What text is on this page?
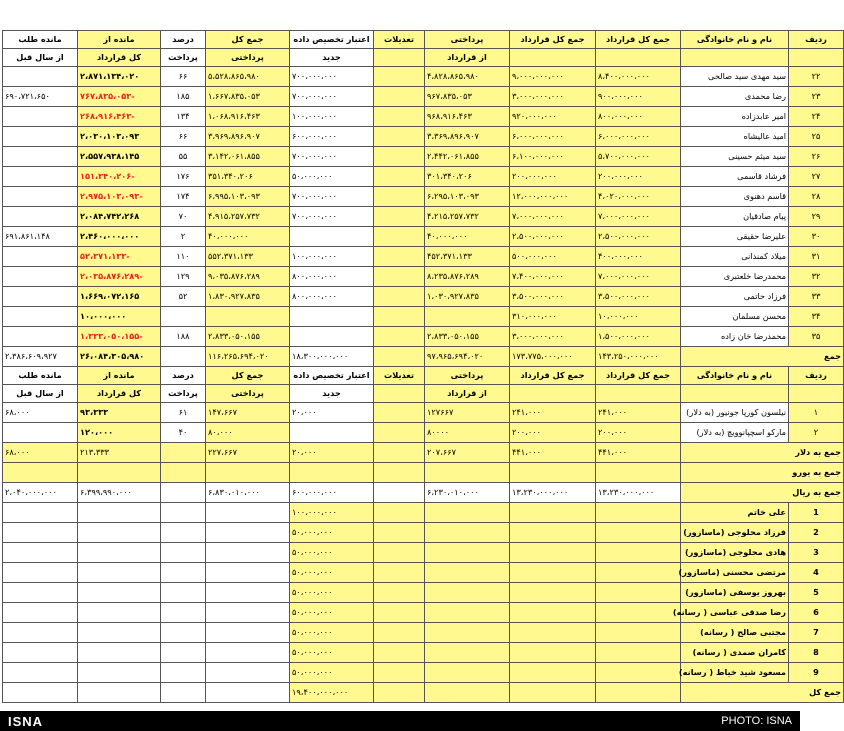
ردیف	نام و نام خانوادگی	جمع کل قرارداد	جمع کل قرارداد	پرداختی	تعدیلات	اعتبار تخصیص داده	جمع کل	درصد	مانده از	مانده طلب
				از قرارداد		جدید	پرداختی	پرداخت	کل قرارداد	از سال قبل
۲۲	سید مهدی سید صالحی	۸،۴۰۰،۰۰۰،۰۰۰	۹،۰۰۰،۰۰۰،۰۰۰	۴،۸۲۸،۸۶۵،۹۸۰		۷۰۰،۰۰۰،۰۰۰	۵،۵۲۸،۸۶۵،۹۸۰	۶۶	۲،۸۷۱،۱۳۴،۰۲۰	
۲۳	رضا محمدی	۹۰۰،۰۰۰،۰۰۰	۳،۰۰۰،۰۰۰،۰۰۰	۹۶۷،۸۳۵،۰۵۳		۷۰۰،۰۰۰،۰۰۰	۱،۶۶۷،۸۳۵،۰۵۳	۱۸۵	-۷۶۷،۸۳۵،۰۵۳	۶۹۰،۷۲۱،۶۵۰
۲۴	امیر عابدزاده	۸۰۰،۰۰۰،۰۰۰	۹۲۰،۰۰۰،۰۰۰	۹۶۸،۹۱۶،۴۶۳		۱۰۰،۰۰۰،۰۰۰	۱،۰۶۸،۹۱۶،۴۶۳	۱۳۴	-۲۶۸،۹۱۶،۴۶۳	
۲۵	امید عالیشاه	۶،۰۰۰،۰۰۰،۰۰۰	۶،۰۰۰،۰۰۰،۰۰۰	۳،۳۶۹،۸۹۶،۹۰۷		۶۰۰،۰۰۰،۰۰۰	۳،۹۶۹،۸۹۶،۹۰۷	۶۶	۲،۰۳۰،۱۰۳،۰۹۳	
۲۶	سید میثم حسینی	۵،۷۰۰،۰۰۰،۰۰۰	۶،۱۰۰،۰۰۰،۰۰۰	۲،۴۴۲،۰۶۱،۸۵۵		۷۰۰،۰۰۰،۰۰۰	۳،۱۴۲،۰۶۱،۸۵۵	۵۵	۲،۵۵۷،۹۳۸،۱۴۵	
۲۷	فرشاد قاسمی	۲۰۰،۰۰۰،۰۰۰	۲۰۰،۰۰۰،۰۰۰	۳۰۱،۳۴۰،۲۰۶		۵۰،۰۰۰،۰۰۰	۳۵۱،۳۴۰،۲۰۶	۱۷۶	-۱۵۱،۳۴۰،۲۰۶	
۲۸	قاسم دهنوی	۴،۰۲۰،۰۰۰،۰۰۰	۱۲،۰۰۰،۰۰۰،۰۰۰	۶،۲۹۵،۱۰۳،۰۹۳		۷۰۰،۰۰۰،۰۰۰	۶،۹۹۵،۱۰۳،۰۹۳	۱۷۴	-۲،۹۷۵،۱۰۳،۰۹۳	
۲۹	پیام صادقیان	۷،۰۰۰،۰۰۰،۰۰۰	۷،۰۰۰،۰۰۰،۰۰۰	۴،۲۱۵،۲۵۷،۷۳۲		۷۰۰،۰۰۰،۰۰۰	۴،۹۱۵،۲۵۷،۷۳۲	۷۰	۲،۰۸۴،۷۴۲،۲۶۸	
۳۰	علیرضا حقیقی	۲،۵۰۰،۰۰۰،۰۰۰	۲،۵۰۰،۰۰۰،۰۰۰	۴۰،۰۰۰،۰۰۰			۴۰،۰۰۰،۰۰۰	۲	۲،۴۶۰،۰۰۰،۰۰۰	۶۹۱،۸۶۱،۱۴۸
۳۱	میلاد کمندانی	۴۰۰،۰۰۰،۰۰۰	۵۰۰،۰۰۰،۰۰۰	۴۵۲،۳۷۱،۱۳۳		۱۰۰،۰۰۰،۰۰۰	۵۵۲،۳۷۱،۱۳۳	۱۱۰	-۵۲،۳۷۱،۱۳۳	
۳۲	محمدرضا خلعتبری	۷،۰۰۰،۰۰۰،۰۰۰	۷،۴۰۰،۰۰۰،۰۰۰	۸،۲۳۵،۸۷۶،۲۸۹		۸۰۰،۰۰۰،۰۰۰	۹،۰۳۵،۸۷۶،۲۸۹	۱۲۹	-۲،۰۳۵،۸۷۶،۲۸۹	
۳۳	فرزاد حاتمی	۳،۵۰۰،۰۰۰،۰۰۰	۳،۵۰۰،۰۰۰،۰۰۰	۱،۰۳۰،۹۲۷،۸۳۵		۸۰۰،۰۰۰،۰۰۰	۱،۸۳۰،۹۲۷،۸۳۵	۵۲	۱،۶۶۹،۰۷۲،۱۶۵	
۳۴	محسن مسلمان	۱۰،۰۰۰،۰۰۰	۳۱۰،۰۰۰،۰۰۰						۱۰،۰۰۰،۰۰۰	
۳۵	محمدرضا خان زاده	۱،۵۰۰،۰۰۰،۰۰۰	۳،۰۰۰،۰۰۰،۰۰۰	۲،۸۳۳،۰۵۰،۱۵۵			۲،۸۳۳،۰۵۰،۱۵۵	۱۸۸	-۱،۳۳۳،۰۵۰،۱۵۵	
جمع		۱۴۳،۲۵۰،۰۰۰،۰۰۰	۱۷۳،۷۷۵،۰۰۰،۰۰۰	۹۷،۹۶۵،۶۹۴،۰۲۰		۱۸،۳۰۰،۰۰۰،۰۰۰	۱۱۶،۲۶۵،۶۹۴،۰۲۰		۲۶،۰۸۴،۳۰۵،۹۸۰	۲،۳۸۶،۶۰۹،۹۲۷
ردیف	نام و نام خانوادگی	جمع کل قرارداد	جمع کل قرارداد	پرداختی	تعدیلات	اعتبار تخصیص داده	جمع کل	درصد	مانده از	مانده طلب
				از قرارداد		جدید	پرداختی	پرداخت	کل قرارداد	از سال قبل
۱	نیلسون کورپا جونیور (به دلار)	۲۴۱،۰۰۰	۲۴۱،۰۰۰	۱۲۷۶۶۷		۲۰،۰۰۰	۱۴۷،۶۶۷	۶۱	۹۳،۳۳۳	۶۸،۰۰۰
۲	مارکو اسچپانوویچ (به دلار)	۲۰۰،۰۰۰	۲۰۰،۰۰۰	۸۰۰۰۰			۸۰،۰۰۰	۴۰	۱۲۰،۰۰۰	
جمع به دلار		۴۴۱،۰۰۰	۴۴۱،۰۰۰	۲۰۷،۶۶۷		۲۰،۰۰۰	۲۲۷،۶۶۷		۲۱۳،۳۳۳	۶۸،۰۰۰
جمع به یورو										
جمع به ریال		۱۳،۲۳۰،۰۰۰،۰۰۰	۱۳،۲۳۰،۰۰۰،۰۰۰	۶،۲۳۰،۰۱۰،۰۰۰		۶۰۰،۰۰۰،۰۰۰	۶،۸۳۰،۰۱۰،۰۰۰		۶،۳۹۹،۹۹۰،۰۰۰	۲،۰۴۰،۰۰۰،۰۰۰
1	علی خاتم					۱۰۰،۰۰۰،۰۰۰				
2	فرزاد محلوجی (ماسازور)					۵۰،۰۰۰،۰۰۰				
3	هادی محلوجی (ماسازور)					۵۰،۰۰۰،۰۰۰				
4	مرتضی محسنی (ماسازور)					۵۰،۰۰۰،۰۰۰				
5	بهروز یوسفی (ماسازور)					۵۰،۰۰۰،۰۰۰				
6	رضا صدقی عباسی ( رسانه)					۵۰،۰۰۰،۰۰۰				
7	مجتبی صالح ( رسانه)					۵۰،۰۰۰،۰۰۰				
8	کامران صمدی ( رسانه)					۵۰،۰۰۰،۰۰۰				
9	مسعود شید خیاط ( رسانه)					۵۰،۰۰۰،۰۰۰				
جمع کل						۱۹،۴۰۰،۰۰۰،۰۰۰				
ISNA	PHOTO: ISNA
